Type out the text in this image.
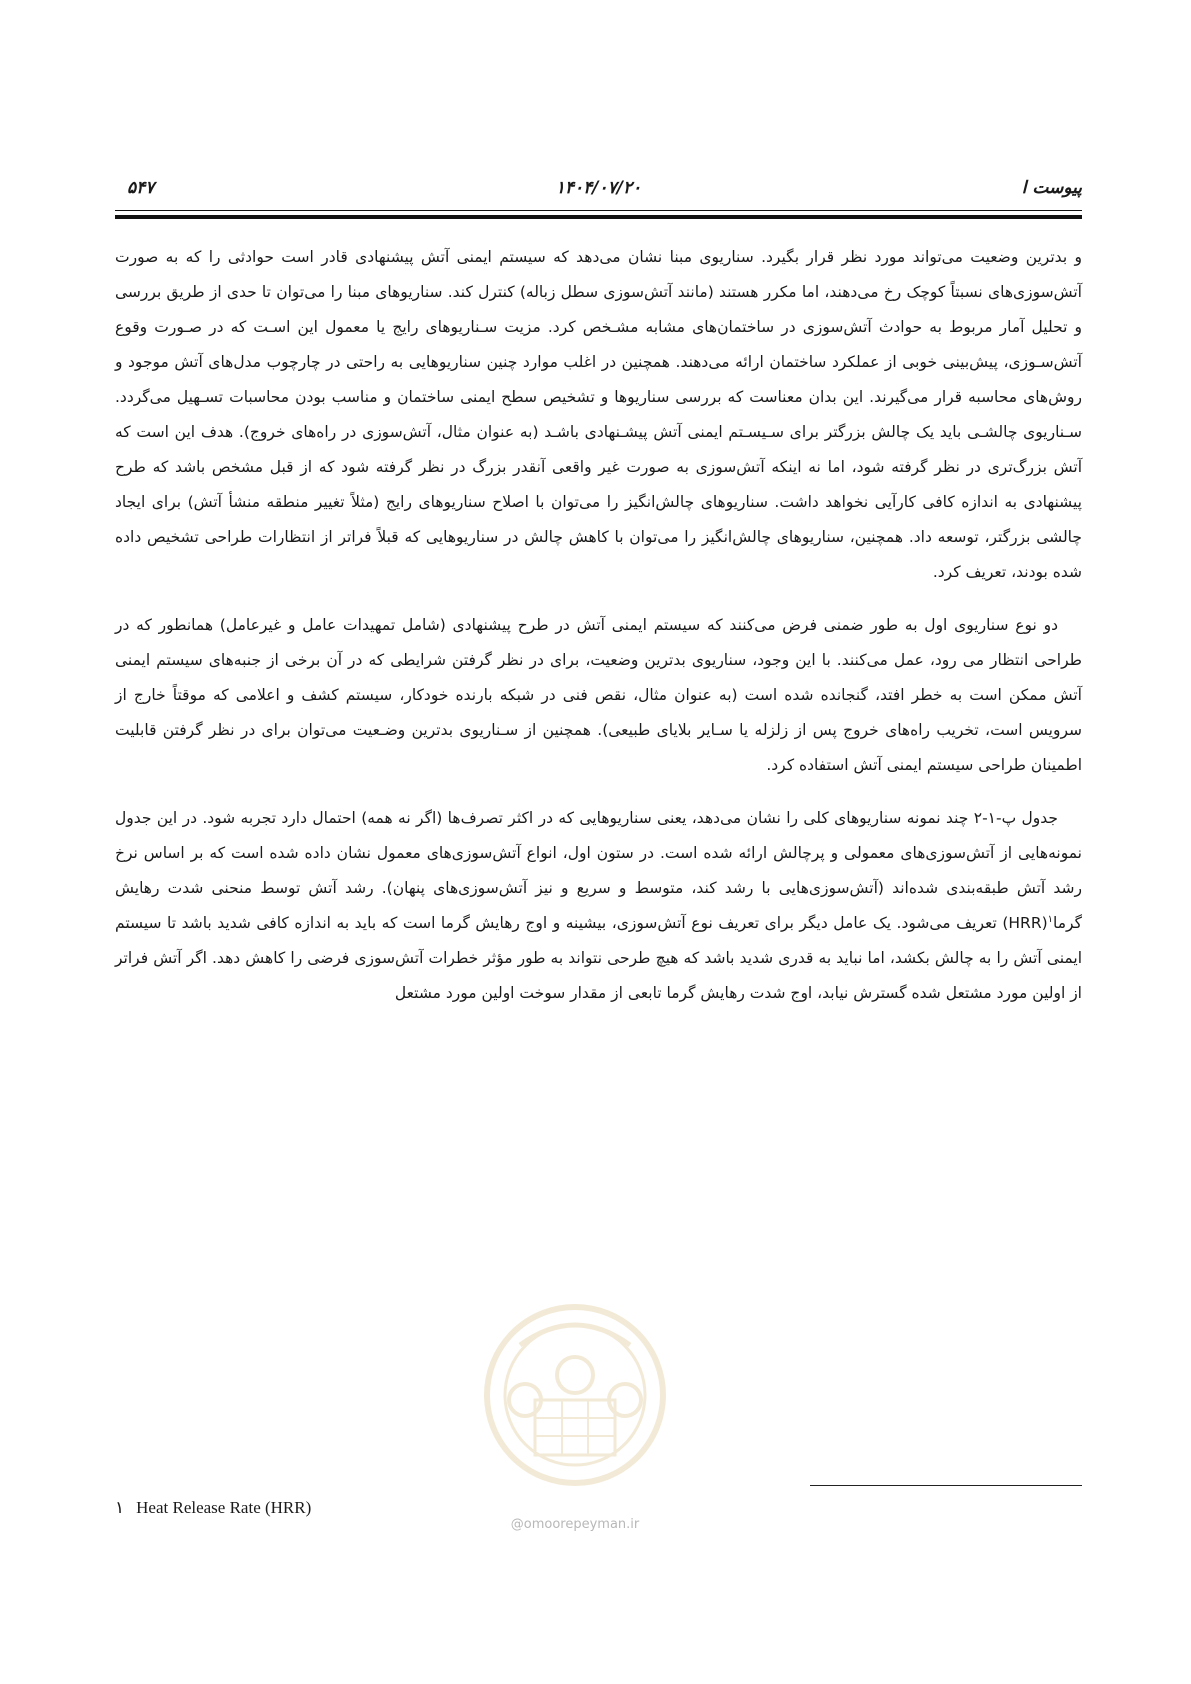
پیوست ا
۱۴۰۴/۰۷/۲۰
۵۴۷

و بدترین وضعیت می‌تواند مورد نظر قرار بگیرد. سناریوی مبنا نشان می‌دهد که سیستم ایمنی آتش پیشنهادی قادر است حوادثی را که به صورت آتش‌سوزی‌های نسبتاً کوچک رخ می‌دهند، اما مکرر هستند (مانند آتش‌سوزی سطل زباله) کنترل کند. سناریوهای مبنا را می‌توان تا حدی از طریق بررسی و تحلیل آمار مربوط به حوادث آتش‌سوزی در ساختمان‌های مشابه مشـخص کرد. مزیت سـناریوهای رایج یا معمول این اسـت که در صـورت وقوع آتش‌سـوزی، پیش‌بینی خوبی از عملکرد ساختمان ارائه می‌دهند. همچنین در اغلب موارد چنین سناریوهایی به راحتی در چارچوب مدل‌های آتش موجود و روش‌های محاسبه قرار می‌گیرند. این بدان معناست که بررسی سناریوها و تشخیص سطح ایمنی ساختمان و مناسب بودن محاسبات تسـهیل می‌گردد. سـناریوی چالشـی باید یک چالش بزرگتر برای سـیسـتم ایمنی آتش پیشـنهادی باشـد (به عنوان مثال، آتش‌سوزی در راه‌های خروج). هدف این است که آتش بزرگ‌تری در نظر گرفته شود، اما نه اینکه آتش‌سوزی به صورت غیر واقعی آنقدر بزرگ در نظر گرفته شود که از قبل مشخص باشد که طرح پیشنهادی به اندازه کافی کارآیی نخواهد داشت. سناریوهای چالش‌انگیز را می‌توان با اصلاح سناریوهای رایج (مثلاً تغییر منطقه منشأ آتش) برای ایجاد چالشی بزرگتر، توسعه داد. همچنین، سناریوهای چالش‌انگیز را می‌توان با کاهش چالش در سناریوهایی که قبلاً فراتر از انتظارات طراحی تشخیص داده شده بودند، تعریف کرد.

دو نوع سناریوی اول به طور ضمنی فرض می‌کنند که سیستم ایمنی آتش در طرح پیشنهادی (شامل تمهیدات عامل و غیرعامل) همانطور که در طراحی انتظار می رود، عمل می‌کنند. با این وجود، سناریوی بدترین وضعیت، برای در نظر گرفتن شرایطی که در آن برخی از جنبه‌های سیستم ایمنی آتش ممکن است به خطر افتد، گنجانده شده است (به عنوان مثال، نقص فنی در شبکه بارنده خودکار، سیستم کشف و اعلامی که موقتاً خارج از سرویس است، تخریب راه‌های خروج پس از زلزله یا سـایر بلایای طبیعی). همچنین از سـناریوی بدترین وضـعیت می‌توان برای در نظر گرفتن قابلیت اطمینان طراحی سیستم ایمنی آتش استفاده کرد.

جدول پ-۱-۲ چند نمونه سناریوهای کلی را نشان می‌دهد، یعنی سناریوهایی که در اکثر تصرف‌ها (اگر نه همه) احتمال دارد تجربه شود. در این جدول نمونه‌هایی از آتش‌سوزی‌های معمولی و پرچالش ارائه شده است. در ستون اول، انواع آتش‌سوزی‌های معمول نشان داده شده است که بر اساس نرخ رشد آتش طبقه‌بندی شده‌اند (آتش‌سوزی‌هایی با رشد کند، متوسط و سریع و نیز آتش‌سوزی‌های پنهان). رشد آتش توسط منحنی شدت رهایش گرما$^۱$(HRR) تعریف می‌شود. یک عامل دیگر برای تعریف نوع آتش‌سوزی، بیشینه و اوج رهایش گرما است که باید به اندازه کافی شدید باشد تا سیستم ایمنی آتش را به چالش بکشد، اما نباید به قدری شدید باشد که هیچ طرحی نتواند به طور مؤثر خطرات آتش‌سوزی فرضی را کاهش دهد. اگر آتش فراتر از اولین مورد مشتعل شده گسترش نیابد، اوج شدت رهایش گرما تابعی از مقدار سوخت اولین مورد مشتعل

@omoorepeyman.ir
۱ Heat Release Rate (HRR)
